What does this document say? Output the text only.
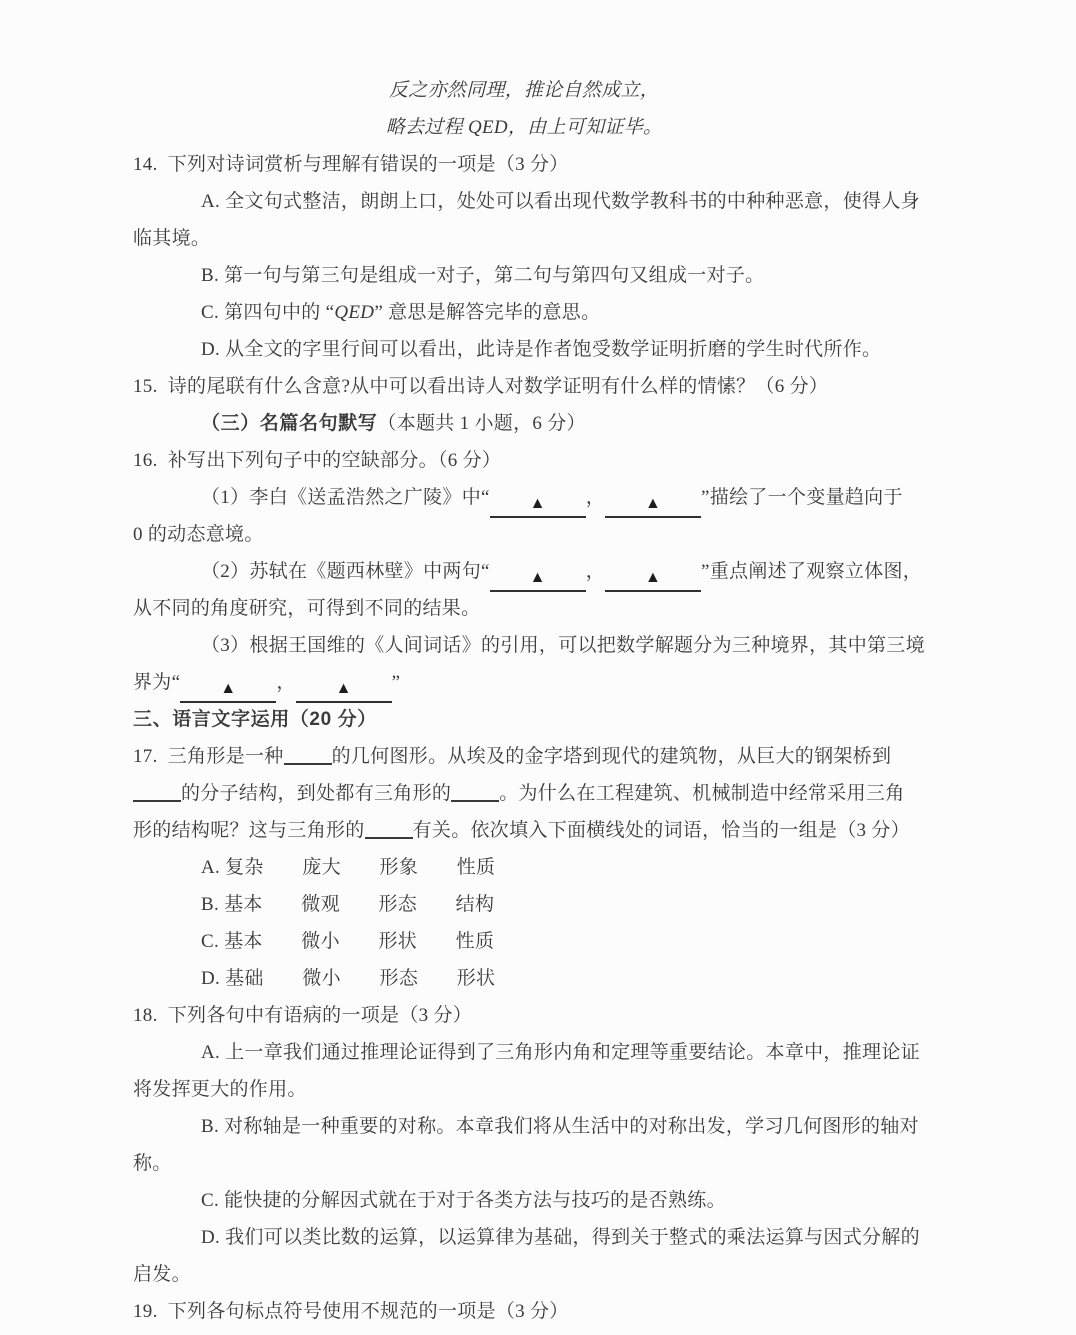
反之亦然同理，推论自然成立，
略去过程 QED，由上可知证毕。
14.  下列对诗词赏析与理解有错误的一项是（3 分）
A. 全文句式整洁，朗朗上口，处处可以看出现代数学教科书的中种种恶意，使得人身
临其境。
B. 第一句与第三句是组成一对子，第二句与第四句又组成一对子。
C. 第四句中的 “QED” 意思是解答完毕的意思。
D. 从全文的字里行间可以看出，此诗是作者饱受数学证明折磨的学生时代所作。
15.  诗的尾联有什么含意?从中可以看出诗人对数学证明有什么样的情愫？（6 分）
（三）名篇名句默写（本题共 1 小题，6 分）
16.  补写出下列句子中的空缺部分。（6 分）
（1）李白《送孟浩然之广陵》中“ ▲ ， ▲ ”描绘了一个变量趋向于
0 的动态意境。
（2）苏轼在《题西林壁》中两句“ ▲ ， ▲ ”重点阐述了观察立体图，
从不同的角度研究，可得到不同的结果。
（3）根据王国维的《人间词话》的引用，可以把数学解题分为三种境界，其中第三境
界为“ ▲ ， ▲ ”
三、语言文字运用（20 分）
17.  三角形是一种	的几何图形。从埃及的金字塔到现代的建筑物，从巨大的钢架桥到
的分子结构，到处都有三角形的	。为什么在工程建筑、机械制造中经常采用三角
形的结构呢？这与三角形的	有关。依次填入下面横线处的词语，恰当的一组是（3 分）
A. 复杂　　庞大　　形象　　性质
B. 基本　　微观　　形态　　结构
C. 基本　　微小　　形状　　性质
D. 基础　　微小　　形态　　形状
18.  下列各句中有语病的一项是（3 分）
A. 上一章我们通过推理论证得到了三角形内角和定理等重要结论。本章中，推理论证
将发挥更大的作用。
B. 对称轴是一种重要的对称。本章我们将从生活中的对称出发，学习几何图形的轴对
称。
C. 能快捷的分解因式就在于对于各类方法与技巧的是否熟练。
D. 我们可以类比数的运算，以运算律为基础，得到关于整式的乘法运算与因式分解的
启发。
19.  下列各句标点符号使用不规范的一项是（3 分）
